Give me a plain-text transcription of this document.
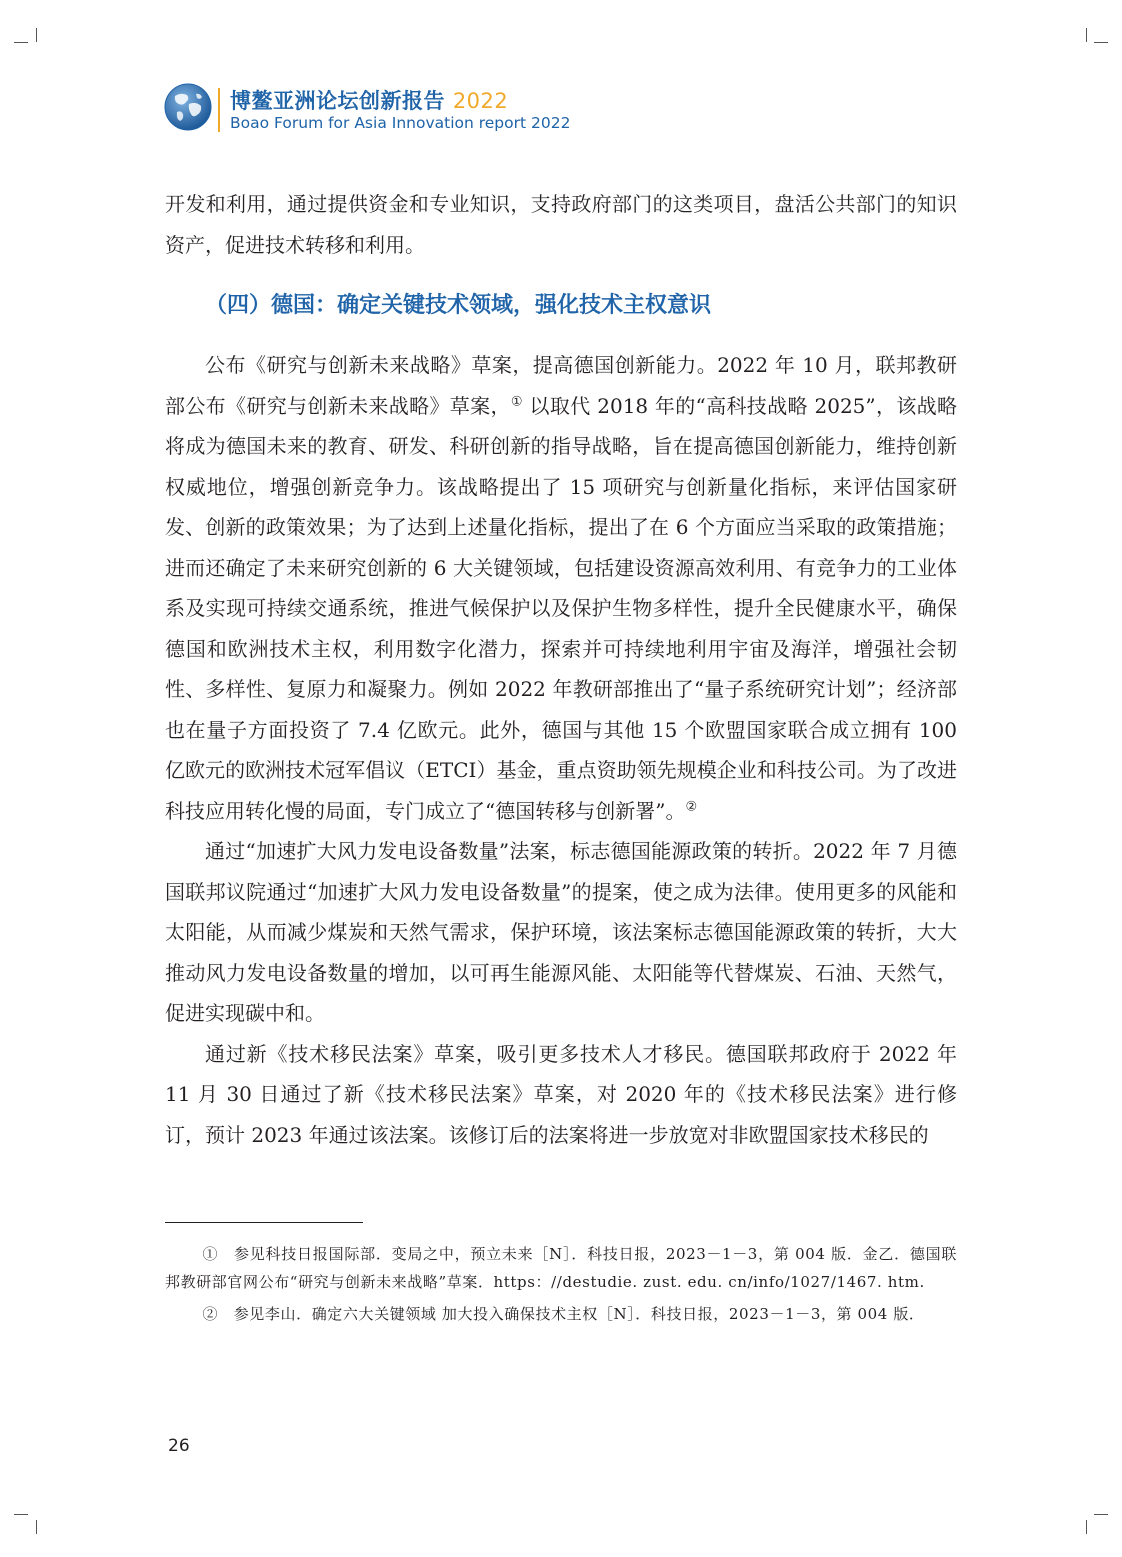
博鳌亚洲论坛创新报告 2022
Boao Forum for Asia Innovation report 2022

开发和利用，通过提供资金和专业知识，支持政府部门的这类项目，盘活公共部门的知识资产，促进技术转移和利用。

（四）德国：确定关键技术领域，强化技术主权意识

公布《研究与创新未来战略》草案，提高德国创新能力。2022 年 10 月，联邦教研部公布《研究与创新未来战略》草案，① 以取代 2018 年的“高科技战略 2025”，该战略将成为德国未来的教育、研发、科研创新的指导战略，旨在提高德国创新能力，维持创新权威地位，增强创新竞争力。该战略提出了 15 项研究与创新量化指标，来评估国家研发、创新的政策效果；为了达到上述量化指标，提出了在 6 个方面应当采取的政策措施；进而还确定了未来研究创新的 6 大关键领域，包括建设资源高效利用、有竞争力的工业体系及实现可持续交通系统，推进气候保护以及保护生物多样性，提升全民健康水平，确保德国和欧洲技术主权，利用数字化潜力，探索并可持续地利用宇宙及海洋，增强社会韧性、多样性、复原力和凝聚力。例如 2022 年教研部推出了“量子系统研究计划”；经济部也在量子方面投资了 7.4 亿欧元。此外，德国与其他 15 个欧盟国家联合成立拥有 100 亿欧元的欧洲技术冠军倡议（ETCI）基金，重点资助领先规模企业和科技公司。为了改进科技应用转化慢的局面，专门成立了“德国转移与创新署”。②

通过“加速扩大风力发电设备数量”法案，标志德国能源政策的转折。2022 年 7 月德国联邦议院通过“加速扩大风力发电设备数量”的提案，使之成为法律。使用更多的风能和太阳能，从而减少煤炭和天然气需求，保护环境，该法案标志德国能源政策的转折，大大推动风力发电设备数量的增加，以可再生能源风能、太阳能等代替煤炭、石油、天然气，促进实现碳中和。

通过新《技术移民法案》草案，吸引更多技术人才移民。德国联邦政府于 2022 年 11 月 30 日通过了新《技术移民法案》草案，对 2020 年的《技术移民法案》进行修订，预计 2023 年通过该法案。该修订后的法案将进一步放宽对非欧盟国家技术移民的

①　参见科技日报国际部．变局之中，预立未来［N］．科技日报，2023－1－3，第 004 版．金乙．德国联邦教研部官网公布“研究与创新未来战略”草案．https：//destudie. zust. edu. cn/info/1027/1467. htm.

②　参见李山．确定六大关键领域 加大投入确保技术主权［N］．科技日报，2023－1－3，第 004 版．

26
